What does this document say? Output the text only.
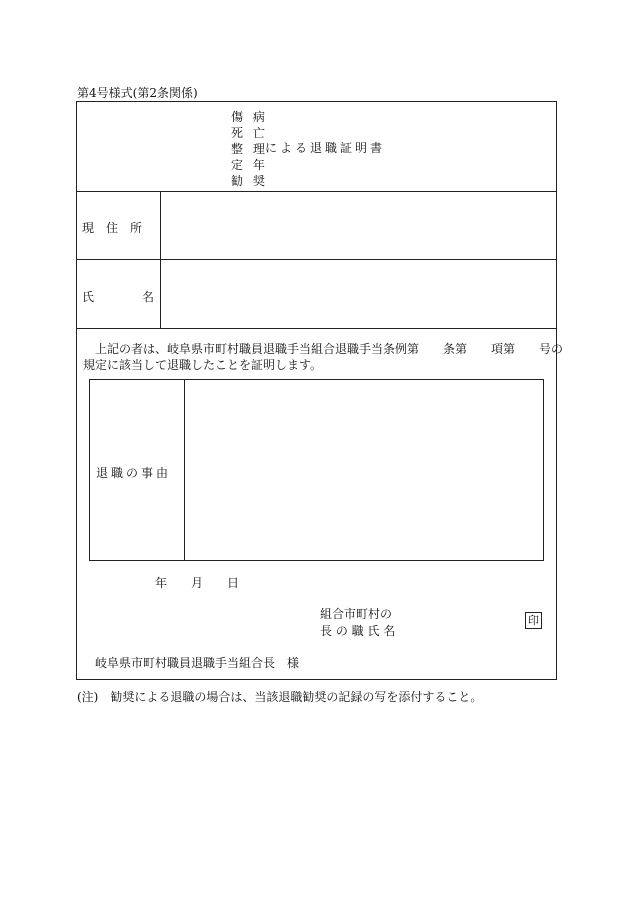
第4号様式(第2条関係)
傷 病
死 亡
整 理
定 年
勧 奨
による退職証明書
現　住　所
氏　　　　名
上記の者は、岐阜県市町村職員退職手当組合退職手当条例第　　条第　　項第　　号の
規定に該当して退職したことを証明します。
退職の事由
年　　月　　日
組合市町村の
長 の 職 氏 名
印
岐阜県市町村職員退職手当組合長　様
(注)　勧奨による退職の場合は、当該退職勧奨の記録の写を添付すること。
